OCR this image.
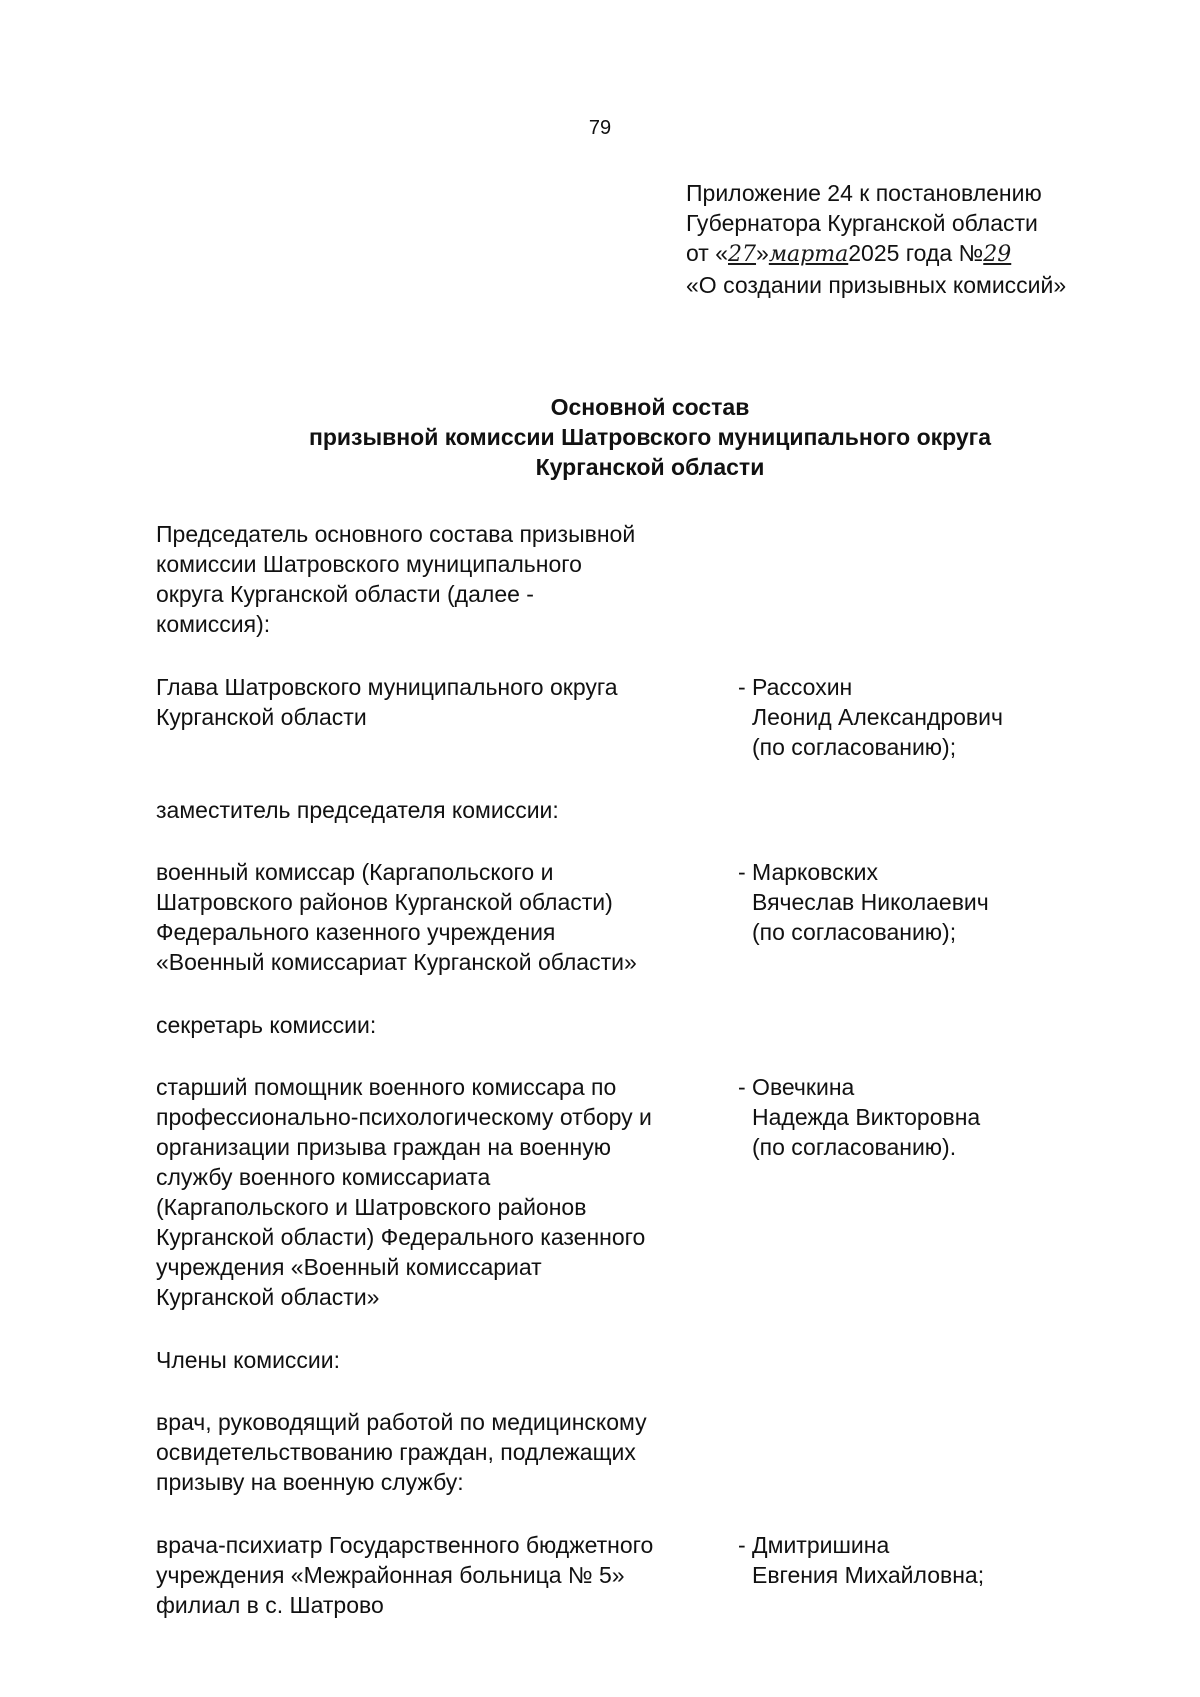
79
Приложение 24 к постановлению
Губернатора Курганской области
от «27»марта2025 года №29
«О создании призывных комиссий»
Основной состав
призывной комиссии Шатровского муниципального округа
Курганской области
Председатель основного состава призывной
комиссии Шатровского муниципального
округа Курганской области (далее -
комиссия):
Глава Шатровского муниципального округа
Курганской области
- Рассохин
Леонид Александрович
(по согласованию);
заместитель председателя комиссии:
военный комиссар (Каргапольского и
Шатровского районов Курганской области)
Федерального казенного учреждения
«Военный комиссариат Курганской области»
- Марковских
Вячеслав Николаевич
(по согласованию);
секретарь комиссии:
старший помощник военного комиссара по
профессионально-психологическому отбору и
организации призыва граждан на военную
службу военного комиссариата
(Каргапольского и Шатровского районов
Курганской области) Федерального казенного
учреждения «Военный комиссариат
Курганской области»
- Овечкина
Надежда Викторовна
(по согласованию).
Члены комиссии:
врач, руководящий работой по медицинскому
освидетельствованию граждан, подлежащих
призыву на военную службу:
врача-психиатр Государственного бюджетного
учреждения «Межрайонная больница № 5»
филиал в с. Шатрово
- Дмитришина
Евгения Михайловна;
